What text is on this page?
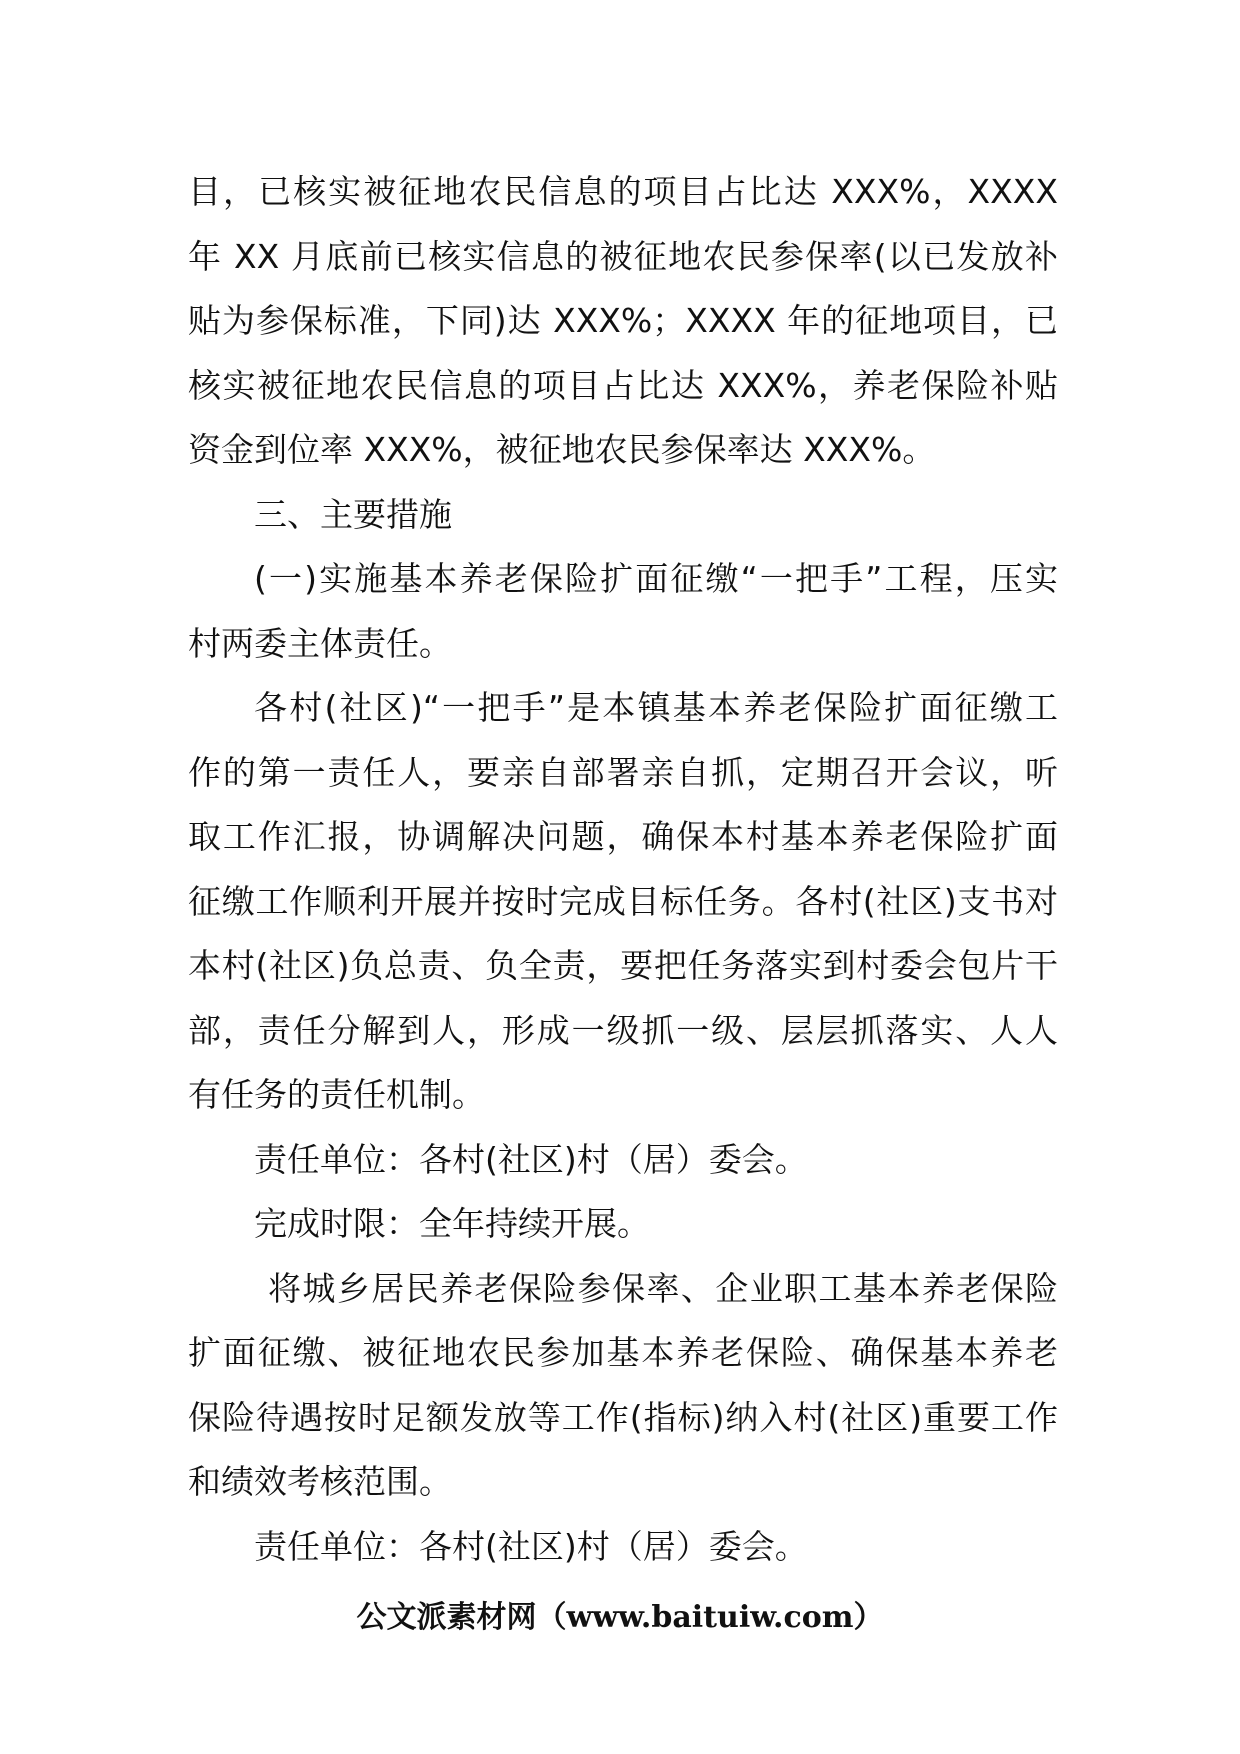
目，已核实被征地农民信息的项目占比达 XXX%，XXXX
年 XX 月底前已核实信息的被征地农民参保率(以已发放补
贴为参保标准，下同)达 XXX%；XXXX 年的征地项目，已
核实被征地农民信息的项目占比达 XXX%，养老保险补贴
资金到位率 XXX%，被征地农民参保率达 XXX%。
三、主要措施
(一)实施基本养老保险扩面征缴“一把手”工程，压实
村两委主体责任。
各村(社区)“一把手”是本镇基本养老保险扩面征缴工
作的第一责任人，要亲自部署亲自抓，定期召开会议，听
取工作汇报，协调解决问题，确保本村基本养老保险扩面
征缴工作顺利开展并按时完成目标任务。各村(社区)支书对
本村(社区)负总责、负全责，要把任务落实到村委会包片干
部，责任分解到人，形成一级抓一级、层层抓落实、人人
有任务的责任机制。
责任单位：各村(社区)村（居）委会。
完成时限：全年持续开展。
将城乡居民养老保险参保率、企业职工基本养老保险
扩面征缴、被征地农民参加基本养老保险、确保基本养老
保险待遇按时足额发放等工作(指标)纳入村(社区)重要工作
和绩效考核范围。
责任单位：各村(社区)村（居）委会。
公文派素材网（www.baituiw.com）
